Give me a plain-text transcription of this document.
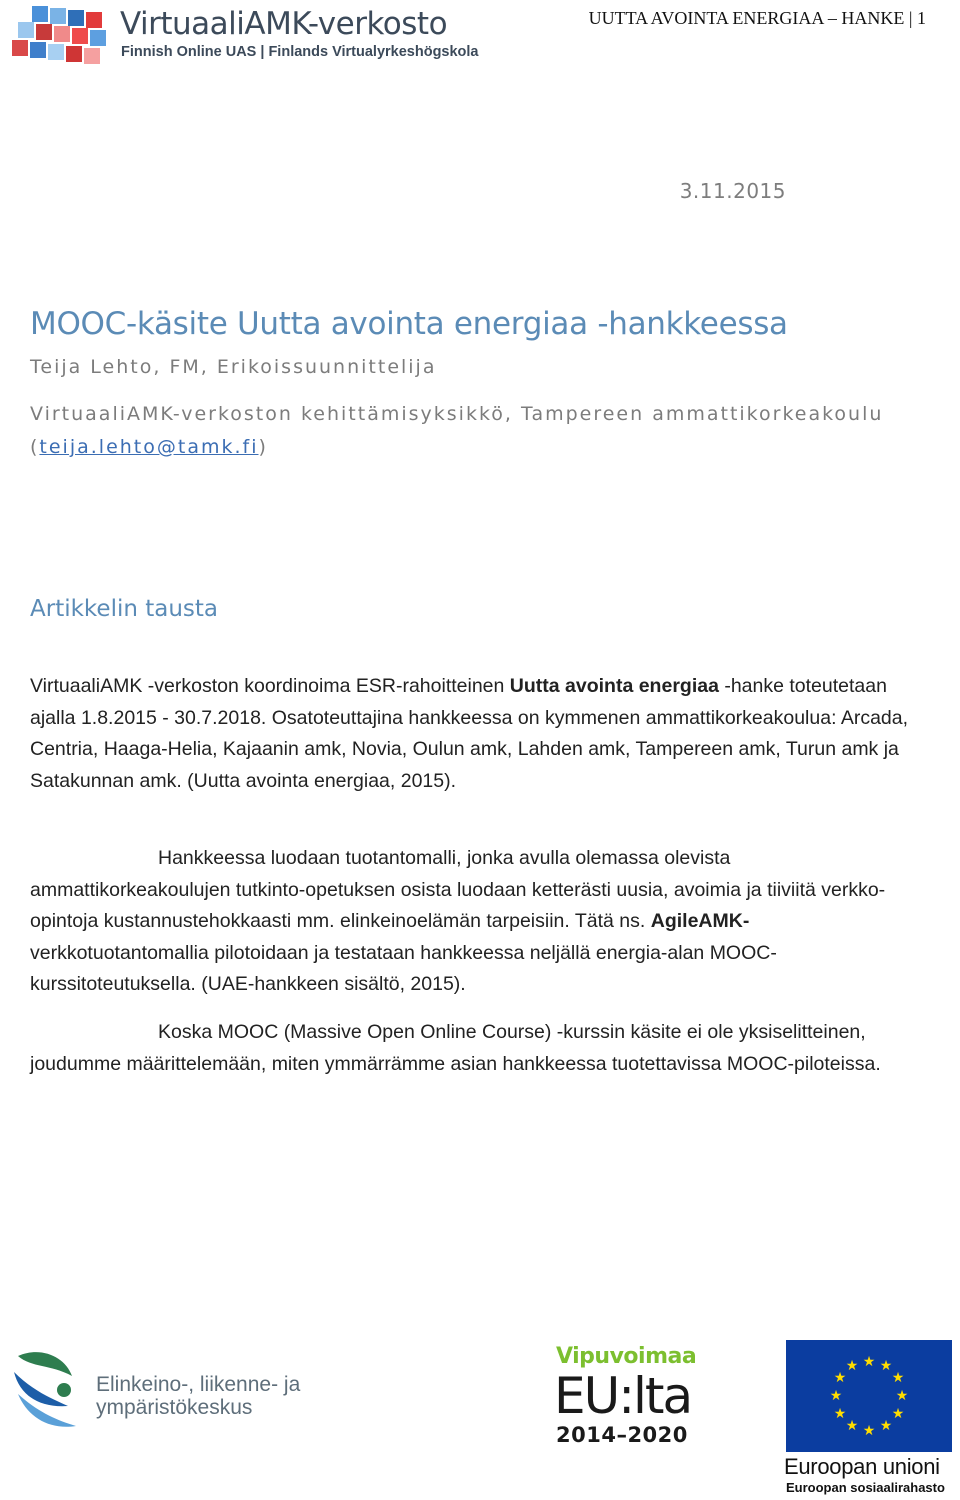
VirtuaaliAMK-verkosto
Finnish Online UAS | Finlands Virtualyrkeshögskola
UUTTA AVOINTA ENERGIAA – HANKE | 1
3.11.2015
MOOC-käsite Uutta avointa energiaa -hankkeessa

Teija Lehto, FM, Erikoissuunnittelija

VirtuaaliAMK-verkoston kehittämisyksikkö, Tampereen ammattikorkeakoulu

(teija.lehto@tamk.fi)

Artikkelin tausta

VirtuaaliAMK -verkoston koordinoima ESR-rahoitteinen Uutta avointa energiaa -hanke toteutetaan ajalla 1.8.2015 - 30.7.2018. Osatoteuttajina hankkeessa on kymmenen ammattikorkeakoulua: Arcada, Centria, Haaga-Helia, Kajaanin amk, Novia, Oulun amk, Lahden amk, Tampereen amk, Turun amk ja Satakunnan amk. (Uutta avointa energiaa, 2015).

Hankkeessa luodaan tuotantomalli, jonka avulla olemassa olevista ammattikorkeakoulujen tutkinto-opetuksen osista luodaan ketterästi uusia, avoimia ja tiiviitä verkko-opintoja kustannustehokkaasti mm. elinkeinoelämän tarpeisiin. Tätä ns. AgileAMK-verkkotuotantomallia pilotoidaan ja testataan hankkeessa neljällä energia-alan MOOC-kurssitoteutuksella. (UAE-hankkeen sisältö, 2015).

Koska MOOC (Massive Open Online Course) -kurssin käsite ei ole yksiselitteinen, joudumme määrittelemään, miten ymmärrämme asian hankkeessa tuotettavissa MOOC-piloteissa.

Elinkeino-, liikenne- ja
ympäristökeskus
Vipuvoimaa
EU:lta
2014–2020
★ ★
★
★
★
★
★
★
★
★
★
★
Euroopan unioni
Euroopan sosiaalirahasto
